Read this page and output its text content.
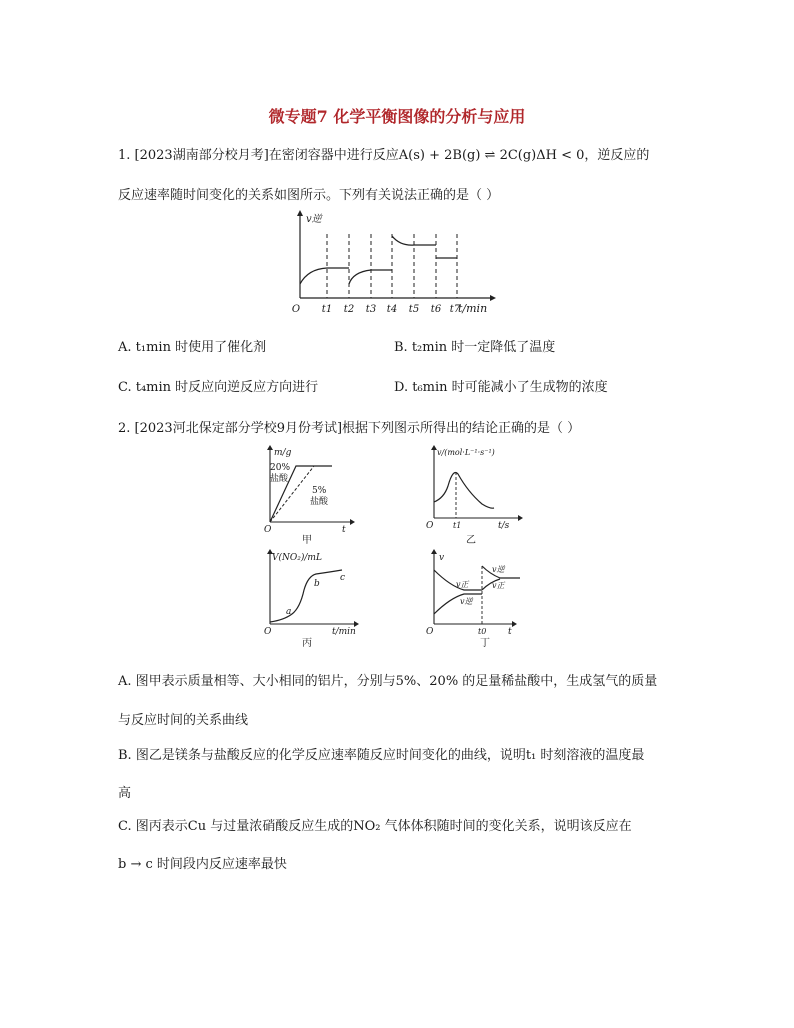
微专题7 化学平衡图像的分析与应用
1. [2023湖南部分校月考]在密闭容器中进行反应A(s) + 2B(g) ⇌ 2C(g)ΔH < 0，逆反应的
反应速率随时间变化的关系如图所示。下列有关说法正确的是（ ）
v逆
O	t/min
t1 t2 t3 t4 t5 t6 t7
A. t₁min 时使用了催化剂	B. t₂min 时一定降低了温度
C. t₄min 时反应向逆反应方向进行	D. t₆min 时可能减小了生成物的浓度
2. [2023河北保定部分学校9月份考试]根据下列图示所得出的结论正确的是（ ）
m/g
O	t
20%
盐酸
5%
盐酸
甲
v/(mol·L⁻¹·s⁻¹)
O	t/s
t1
乙
V(NO₂)/mL
O	t/min
a
b
c
丙
v
O	t
v正
v逆
v逆
v正
t0
丁
A. 图甲表示质量相等、大小相同的铝片，分别与5%、20% 的足量稀盐酸中，生成氢气的质量
与反应时间的关系曲线
B. 图乙是镁条与盐酸反应的化学反应速率随反应时间变化的曲线，说明t₁ 时刻溶液的温度最
高
C. 图丙表示Cu 与过量浓硝酸反应生成的NO₂ 气体体积随时间的变化关系，说明该反应在
b → c 时间段内反应速率最快
